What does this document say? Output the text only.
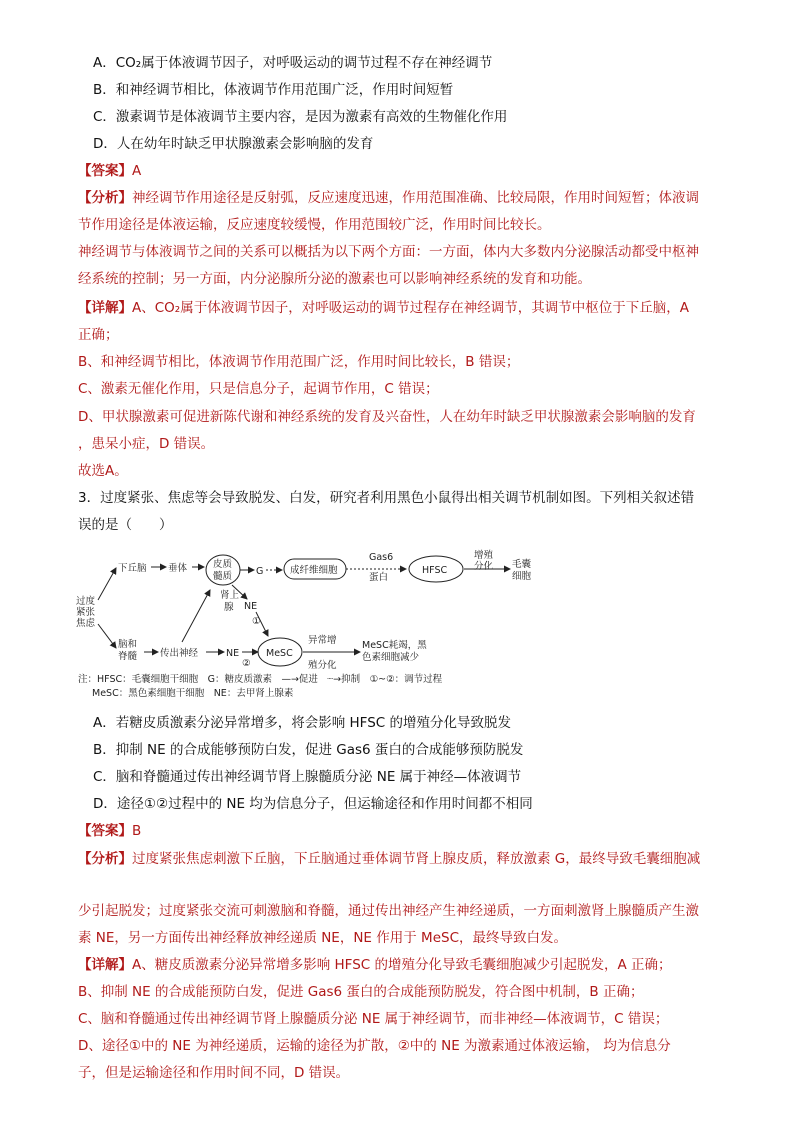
A．CO₂属于体液调节因子，对呼吸运动的调节过程不存在神经调节
B．和神经调节相比，体液调节作用范围广泛，作用时间短暂
C．激素调节是体液调节主要内容，是因为激素有高效的生物催化作用
D．人在幼年时缺乏甲状腺激素会影响脑的发育
【答案】A
【分析】神经调节作用途径是反射弧，反应速度迅速，作用范围准确、比较局限，作用时间短暂；体液调
节作用途径是体液运输，反应速度较缓慢，作用范围较广泛，作用时间比较长。
神经调节与体液调节之间的关系可以概括为以下两个方面：一方面，体内大多数内分泌腺活动都受中枢神
经系统的控制；另一方面，内分泌腺所分泌的激素也可以影响神经系统的发育和功能。
【详解】A、CO₂属于体液调节因子，对呼吸运动的调节过程存在神经调节，其调节中枢位于下丘脑，A
正确；
B、和神经调节相比，体液调节作用范围广泛，作用时间比较长，B 错误；
C、激素无催化作用，只是信息分子，起调节作用，C 错误；
D、甲状腺激素可促进新陈代谢和神经系统的发育及兴奋性，人在幼年时缺乏甲状腺激素会影响脑的发育
，患呆小症，D 错误。
故选A。
3．过度紧张、焦虑等会导致脱发、白发，研究者利用黑色小鼠得出相关调节机制如图。下列相关叙述错
误的是（　　）
过度
紧张
焦虑
下丘脑 垂体	皮质
髓质	G	成纤维细胞
Gas6
蛋白
HFSC
增殖
分化 毛囊
细胞
肾上
腺 NE
①
脑和
脊髓 传出神经	NE
②
MeSC
异常增
殖分化
MeSC耗竭，黑
色素细胞减少
注：HFSC：毛囊细胞干细胞　G：糖皮质激素　—→促进　┈→抑制　①~②：调节过程
MeSC：黑色素细胞干细胞　NE：去甲肾上腺素
A．若糖皮质激素分泌异常增多，将会影响 HFSC 的增殖分化导致脱发
B．抑制 NE 的合成能够预防白发，促进 Gas6 蛋白的合成能够预防脱发
C．脑和脊髓通过传出神经调节肾上腺髓质分泌 NE 属于神经—体液调节
D．途径①②过程中的 NE 均为信息分子，但运输途径和作用时间都不相同
【答案】B
【分析】过度紧张焦虑刺激下丘脑，下丘脑通过垂体调节肾上腺皮质，释放激素 G，最终导致毛囊细胞减
少引起脱发；过度紧张交流可刺激脑和脊髓，通过传出神经产生神经递质，一方面刺激肾上腺髓质产生激
素 NE，另一方面传出神经释放神经递质 NE，NE 作用于 MeSC，最终导致白发。
【详解】A、糖皮质激素分泌异常增多影响 HFSC 的增殖分化导致毛囊细胞减少引起脱发，A 正确；
B、抑制 NE 的合成能预防白发，促进 Gas6 蛋白的合成能预防脱发，符合图中机制，B 正确；
C、脑和脊髓通过传出神经调节肾上腺髓质分泌 NE 属于神经调节，而非神经—体液调节，C 错误；
D、途径①中的 NE 为神经递质，运输的途径为扩散，②中的 NE 为激素通过体液运输， 均为信息分
子，但是运输途径和作用时间不同，D 错误。
